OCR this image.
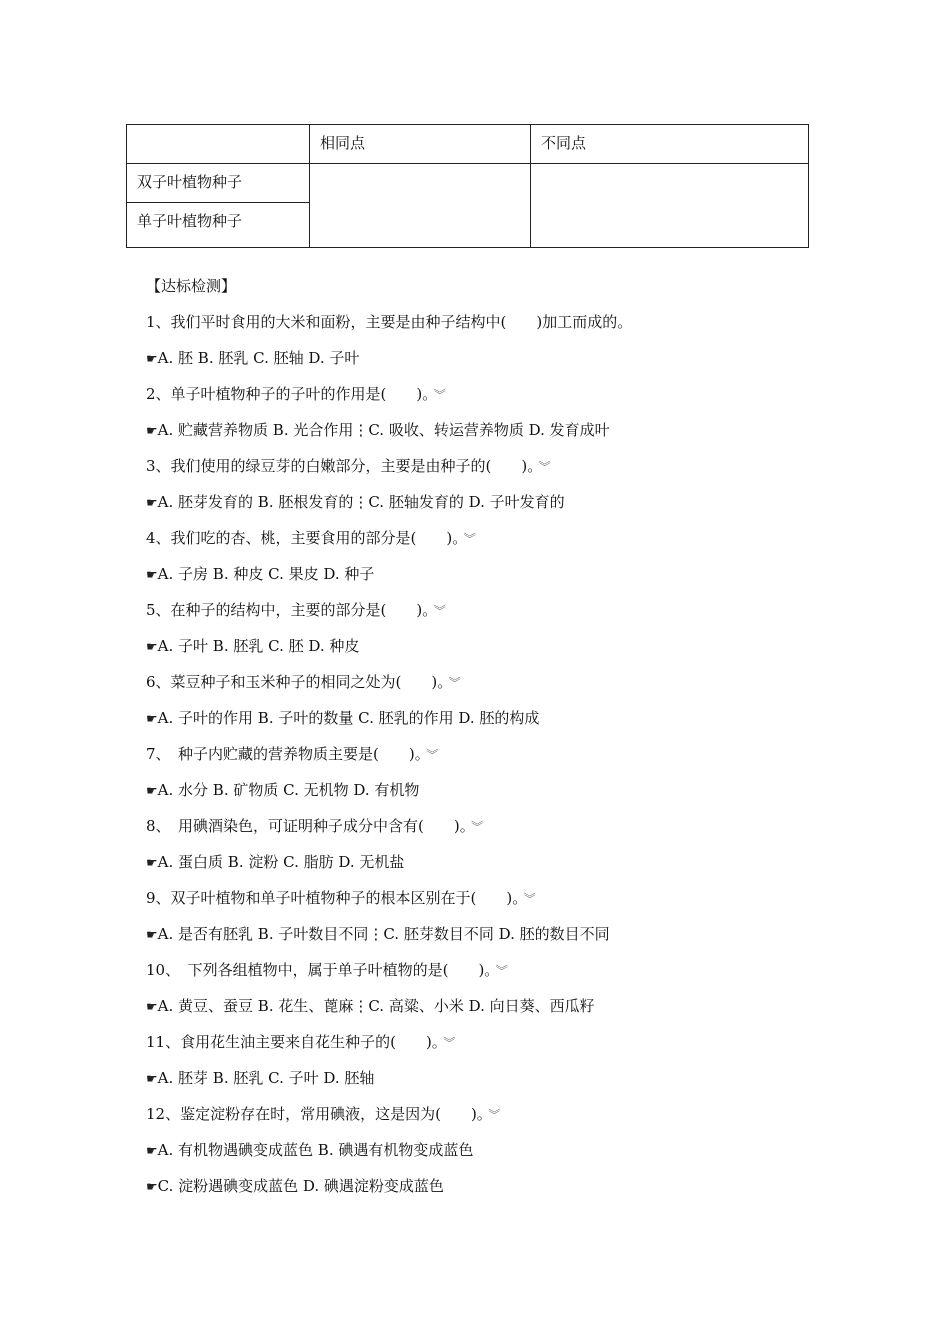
	相同点	不同点
双子叶植物种子		
单子叶植物种子		
【达标检测】
1、我们平时食用的大米和面粉，主要是由种子结构中(　　)加工而成的。
☛A. 胚 B. 胚乳 C. 胚轴 D. 子叶
2、单子叶植物种子的子叶的作用是(　　)。 ︾
☛A. 贮藏营养物质 B. 光合作用⋮C. 吸收、转运营养物质 D. 发育成叶
3、我们使用的绿豆芽的白嫩部分，主要是由种子的(　　)。 ︾
☛A. 胚芽发育的 B. 胚根发育的⋮C. 胚轴发育的 D. 子叶发育的
4、我们吃的杏、桃，主要食用的部分是(　　)。 ︾
☛A. 子房 B. 种皮 C. 果皮 D. 种子
5、在种子的结构中，主要的部分是(　　)。 ︾
☛A. 子叶 B. 胚乳 C. 胚 D. 种皮
6、菜豆种子和玉米种子的相同之处为(　　)。 ︾
☛A. 子叶的作用 B. 子叶的数量 C. 胚乳的作用 D. 胚的构成
7、　种子内贮藏的营养物质主要是(　　)。 ︾
☛A. 水分 B. 矿物质 C. 无机物 D. 有机物
8、　用碘酒染色，可证明种子成分中含有(　　)。 ︾
☛A. 蛋白质 B. 淀粉 C. 脂肪 D. 无机盐
9、双子叶植物和单子叶植物种子的根本区别在于(　　)。 ︾
☛A. 是否有胚乳 B. 子叶数目不同⋮C. 胚芽数目不同 D. 胚的数目不同
10、　下列各组植物中，属于单子叶植物的是(　　)。 ︾
☛A. 黄豆、蚕豆 B. 花生、蓖麻⋮C. 高粱、小米 D. 向日葵、西瓜籽
11、食用花生油主要来自花生种子的(　　)。 ︾
☛A. 胚芽 B. 胚乳 C. 子叶 D. 胚轴
12、鉴定淀粉存在时，常用碘液，这是因为(　　)。 ︾
☛A. 有机物遇碘变成蓝色 B. 碘遇有机物变成蓝色
☛C. 淀粉遇碘变成蓝色 D. 碘遇淀粉变成蓝色
